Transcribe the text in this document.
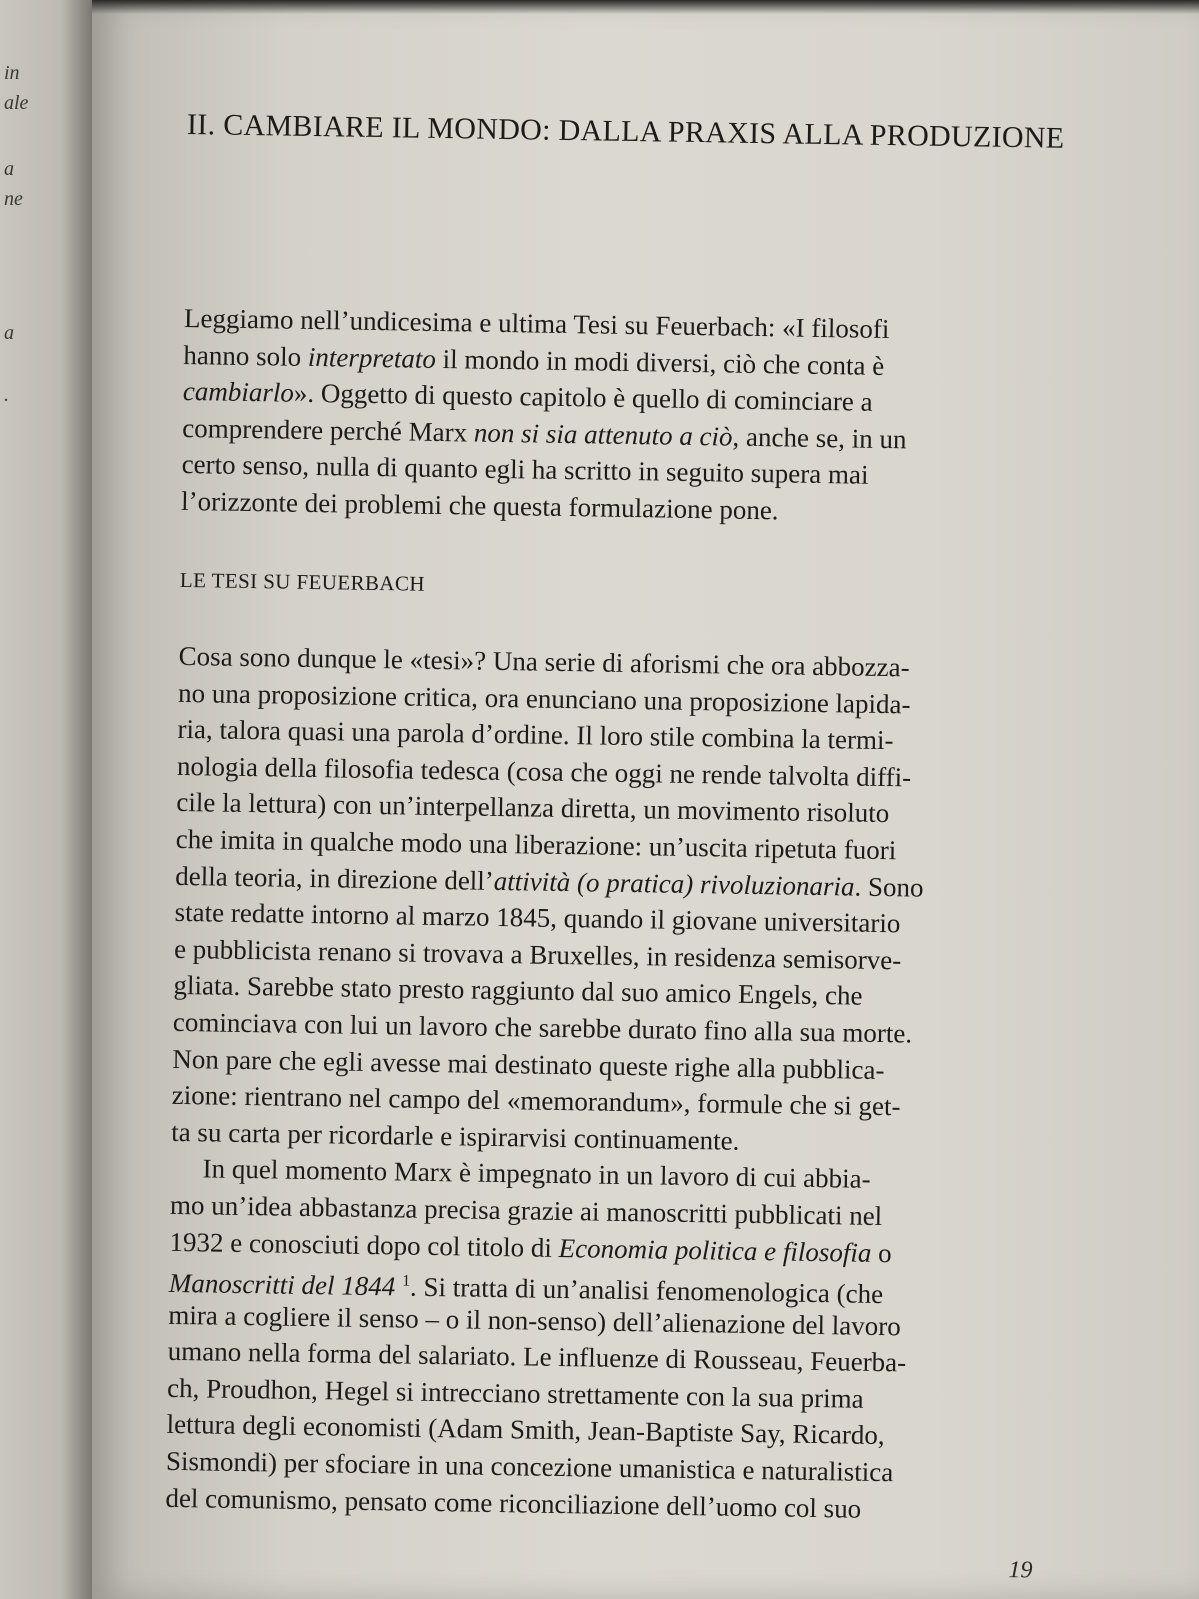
in
ale
a
ne
a
.
II. CAMBIARE IL MONDO: DALLA PRAXIS ALLA PRODUZIONE
Leggiamo nell’undicesima e ultima Tesi su Feuerbach: «I filosofi
hanno solo interpretato il mondo in modi diversi, ciò che conta è
cambiarlo». Oggetto di questo capitolo è quello di cominciare a
comprendere perché Marx non si sia attenuto a ciò, anche se, in un
certo senso, nulla di quanto egli ha scritto in seguito supera mai
l’orizzonte dei problemi che questa formulazione pone.
LE TESI SU FEUERBACH
Cosa sono dunque le «tesi»? Una serie di aforismi che ora abbozza-
no una proposizione critica, ora enunciano una proposizione lapida-
ria, talora quasi una parola d’ordine. Il loro stile combina la termi-
nologia della filosofia tedesca (cosa che oggi ne rende talvolta diffi-
cile la lettura) con un’interpellanza diretta, un movimento risoluto
che imita in qualche modo una liberazione: un’uscita ripetuta fuori
della teoria, in direzione dell’attività (o pratica) rivoluzionaria. Sono
state redatte intorno al marzo 1845, quando il giovane universitario
e pubblicista renano si trovava a Bruxelles, in residenza semisorve-
gliata. Sarebbe stato presto raggiunto dal suo amico Engels, che
cominciava con lui un lavoro che sarebbe durato fino alla sua morte.
Non pare che egli avesse mai destinato queste righe alla pubblica-
zione: rientrano nel campo del «memorandum», formule che si get-
ta su carta per ricordarle e ispirarvisi continuamente.
In quel momento Marx è impegnato in un lavoro di cui abbia-
mo un’idea abbastanza precisa grazie ai manoscritti pubblicati nel
1932 e conosciuti dopo col titolo di Economia politica e filosofia o
Manoscritti del 1844 $^1$. Si tratta di un’analisi fenomenologica (che
mira a cogliere il senso – o il non-senso) dell’alienazione del lavoro
umano nella forma del salariato. Le influenze di Rousseau, Feuerba-
ch, Proudhon, Hegel si intrecciano strettamente con la sua prima
lettura degli economisti (Adam Smith, Jean-Baptiste Say, Ricardo,
Sismondi) per sfociare in una concezione umanistica e naturalistica
del comunismo, pensato come riconciliazione dell’uomo col suo
19
